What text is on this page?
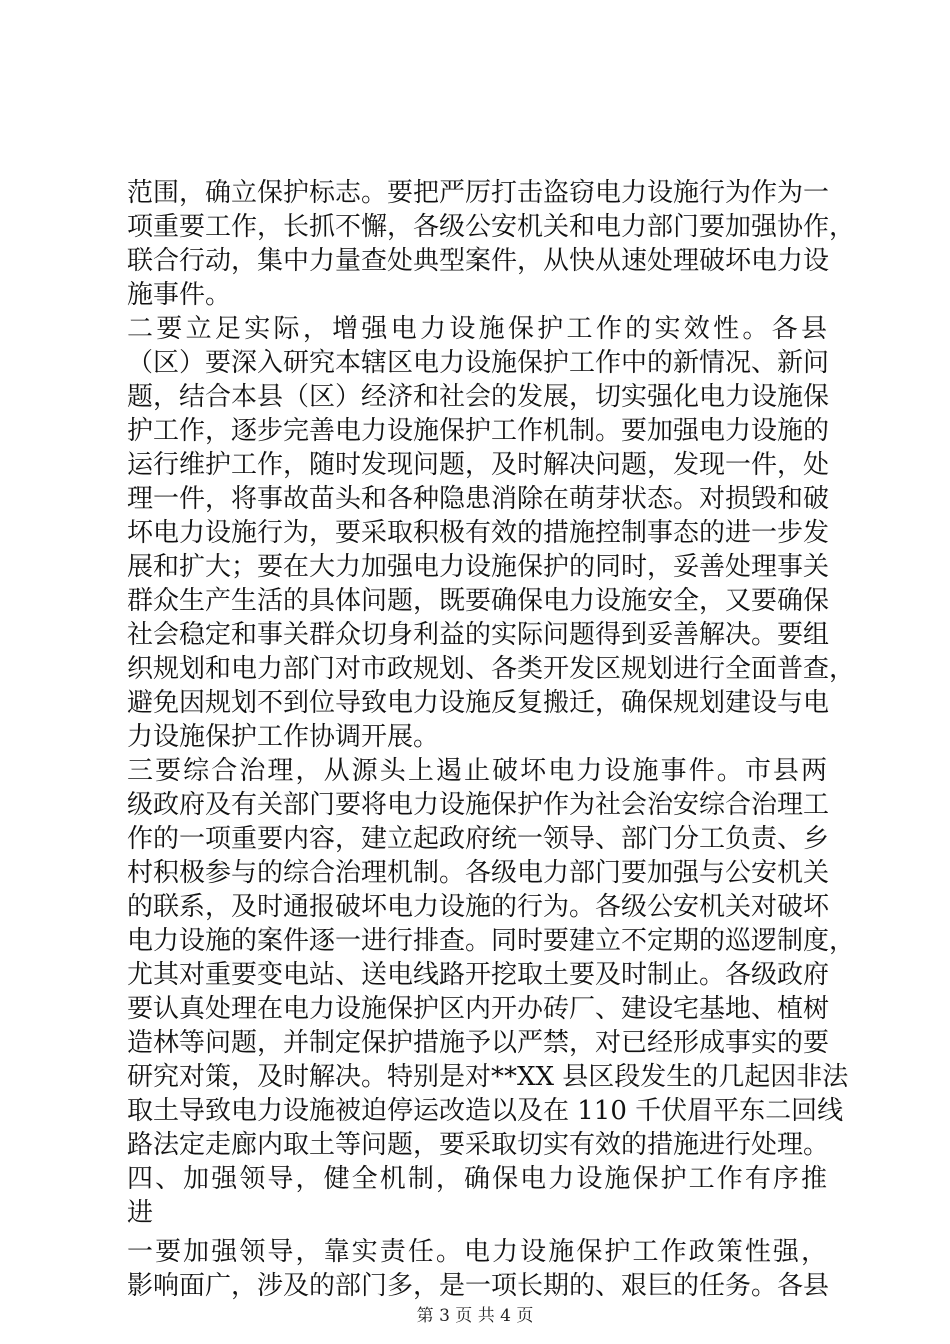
范围，确立保护标志。要把严厉打击盗窃电力设施行为作为一
项重要工作，长抓不懈，各级公安机关和电力部门要加强协作，
联合行动，集中力量查处典型案件，从快从速处理破坏电力设
施事件。
二要立足实际，增强电力设施保护工作的实效性。各县
（区）要深入研究本辖区电力设施保护工作中的新情况、新问
题，结合本县（区）经济和社会的发展，切实强化电力设施保
护工作，逐步完善电力设施保护工作机制。要加强电力设施的
运行维护工作，随时发现问题，及时解决问题，发现一件，处
理一件，将事故苗头和各种隐患消除在萌芽状态。对损毁和破
坏电力设施行为，要采取积极有效的措施控制事态的进一步发
展和扩大；要在大力加强电力设施保护的同时，妥善处理事关
群众生产生活的具体问题，既要确保电力设施安全，又要确保
社会稳定和事关群众切身利益的实际问题得到妥善解决。要组
织规划和电力部门对市政规划、各类开发区规划进行全面普查，
避免因规划不到位导致电力设施反复搬迁，确保规划建设与电
力设施保护工作协调开展。
三要综合治理，从源头上遏止破坏电力设施事件。市县两
级政府及有关部门要将电力设施保护作为社会治安综合治理工
作的一项重要内容，建立起政府统一领导、部门分工负责、乡
村积极参与的综合治理机制。各级电力部门要加强与公安机关
的联系，及时通报破坏电力设施的行为。各级公安机关对破坏
电力设施的案件逐一进行排查。同时要建立不定期的巡逻制度，
尤其对重要变电站、送电线路开挖取土要及时制止。各级政府
要认真处理在电力设施保护区内开办砖厂、建设宅基地、植树
造林等问题，并制定保护措施予以严禁，对已经形成事实的要
研究对策，及时解决。特别是对**XX 县区段发生的几起因非法
取土导致电力设施被迫停运改造以及在 110 千伏眉平东二回线
路法定走廊内取土等问题，要采取切实有效的措施进行处理。
四、加强领导，健全机制，确保电力设施保护工作有序推
进
一要加强领导，靠实责任。电力设施保护工作政策性强，
影响面广，涉及的部门多，是一项长期的、艰巨的任务。各县
第 3 页 共 4 页
